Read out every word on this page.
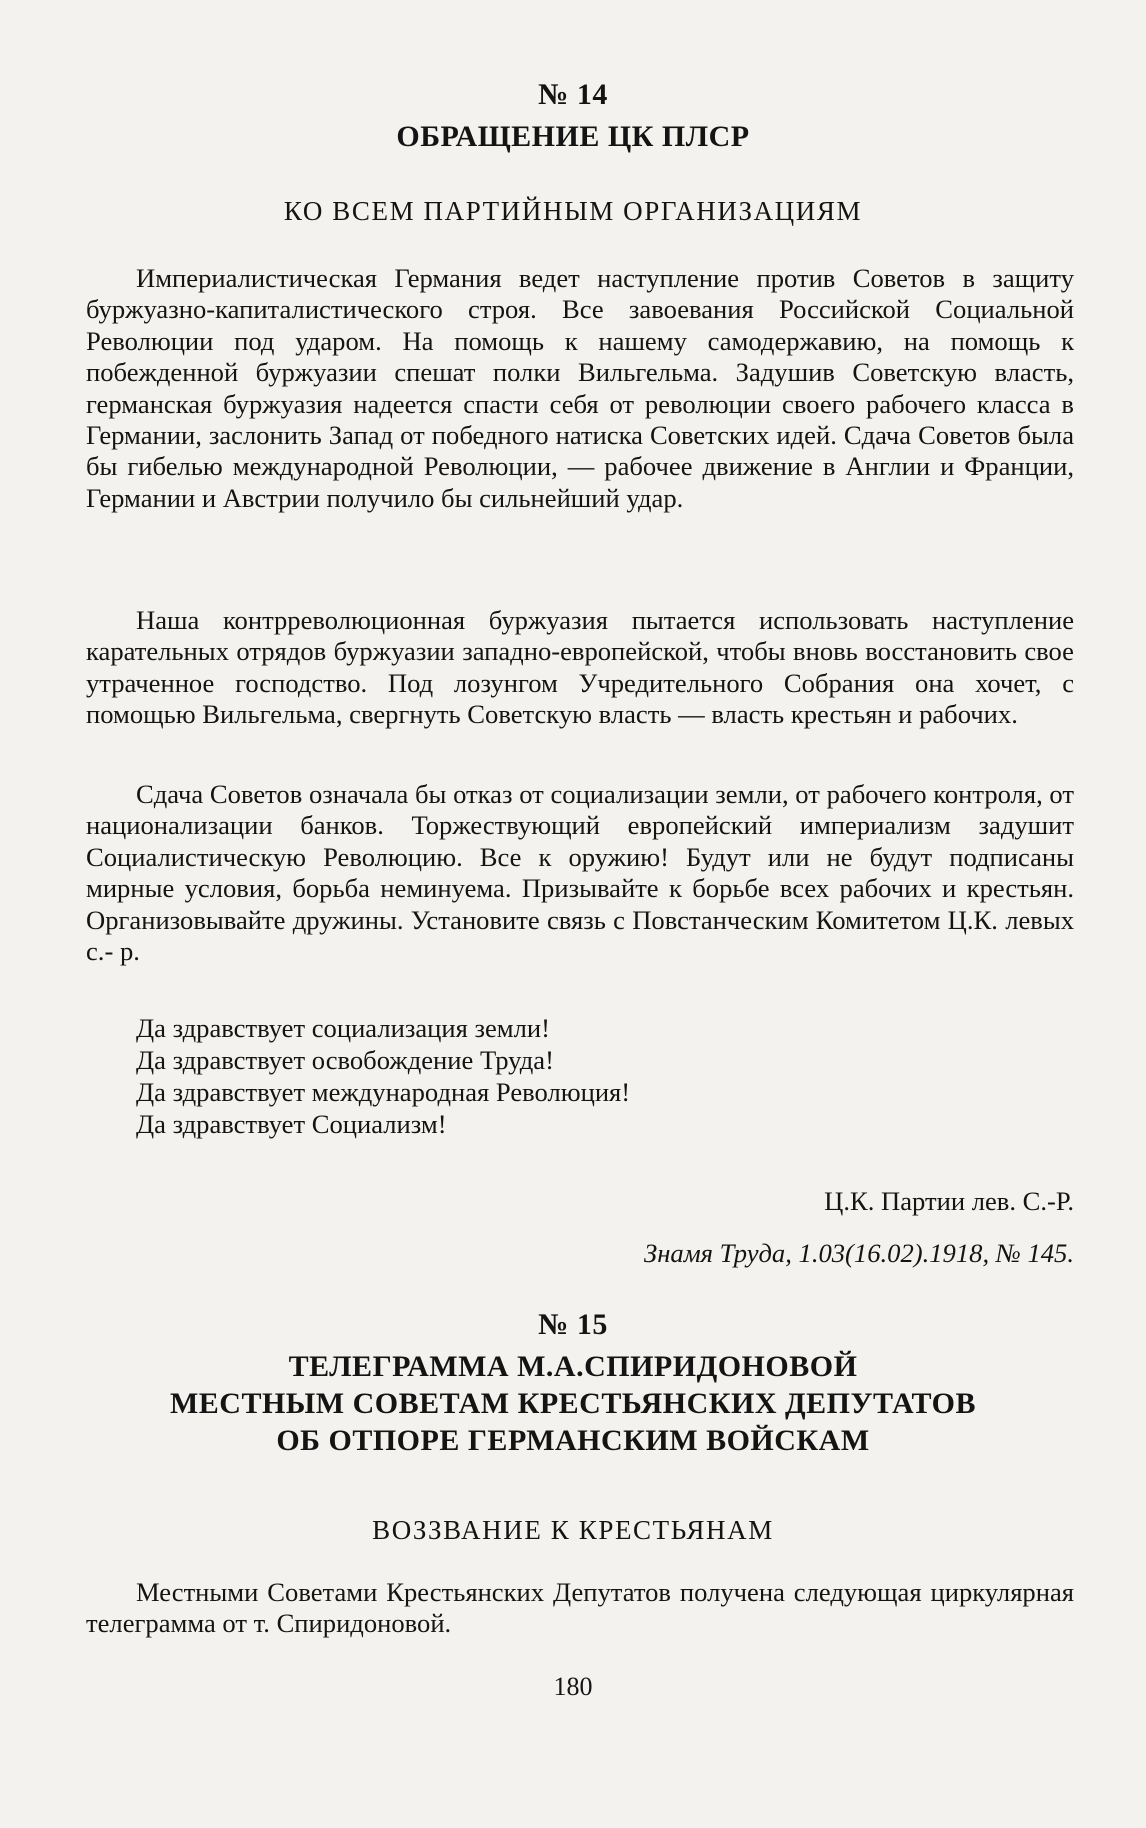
№ 14
ОБРАЩЕНИЕ ЦК ПЛСР
КО ВСЕМ ПАРТИЙНЫМ ОРГАНИЗАЦИЯМ

Империалистическая Германия ведет наступление против Советов в защиту буржуазно-капиталистического строя. Все завоевания Российской Социальной Революции под ударом. На помощь к нашему самодержавию, на помощь к побежденной буржуазии спешат полки Вильгельма. Задушив Советскую власть, германская буржуазия надеется спасти себя от революции своего рабочего класса в Германии, заслонить Запад от победного натиска Советских идей. Сдача Советов была бы гибелью международной Революции, — рабочее движение в Англии и Франции, Германии и Австрии получило бы сильнейший удар.

Наша контрреволюционная буржуазия пытается использовать наступление карательных отрядов буржуазии западно-европейской, чтобы вновь восстановить свое утраченное господство. Под лозунгом Учредительного Собрания она хочет, с помощью Вильгельма, свергнуть Советскую власть — власть крестьян и рабочих.

Сдача Советов означала бы отказ от социализации земли, от рабочего контроля, от национализации банков. Торжествующий европейский империализм задушит Социалистическую Революцию. Все к оружию! Будут или не будут подписаны мирные условия, борьба неминуема. Призывайте к борьбе всех рабочих и крестьян. Организовывайте дружины. Установите связь с Повстанческим Комитетом Ц.К. левых с.- р.

Да здравствует социализация земли!
Да здравствует освобождение Труда!
Да здравствует международная Революция!
Да здравствует Социализм!
Ц.К. Партии лев. С.-Р.
Знамя Труда, 1.03(16.02).1918, № 145.
№ 15
ТЕЛЕГРАММА М.А.СПИРИДОНОВОЙ
МЕСТНЫМ СОВЕТАМ КРЕСТЬЯНСКИХ ДЕПУТАТОВ
ОБ ОТПОРЕ ГЕРМАНСКИМ ВОЙСКАМ
ВОЗЗВАНИЕ К КРЕСТЬЯНАМ

Местными Советами Крестьянских Депутатов получена следующая циркулярная телеграмма от т. Спиридоновой.

180
